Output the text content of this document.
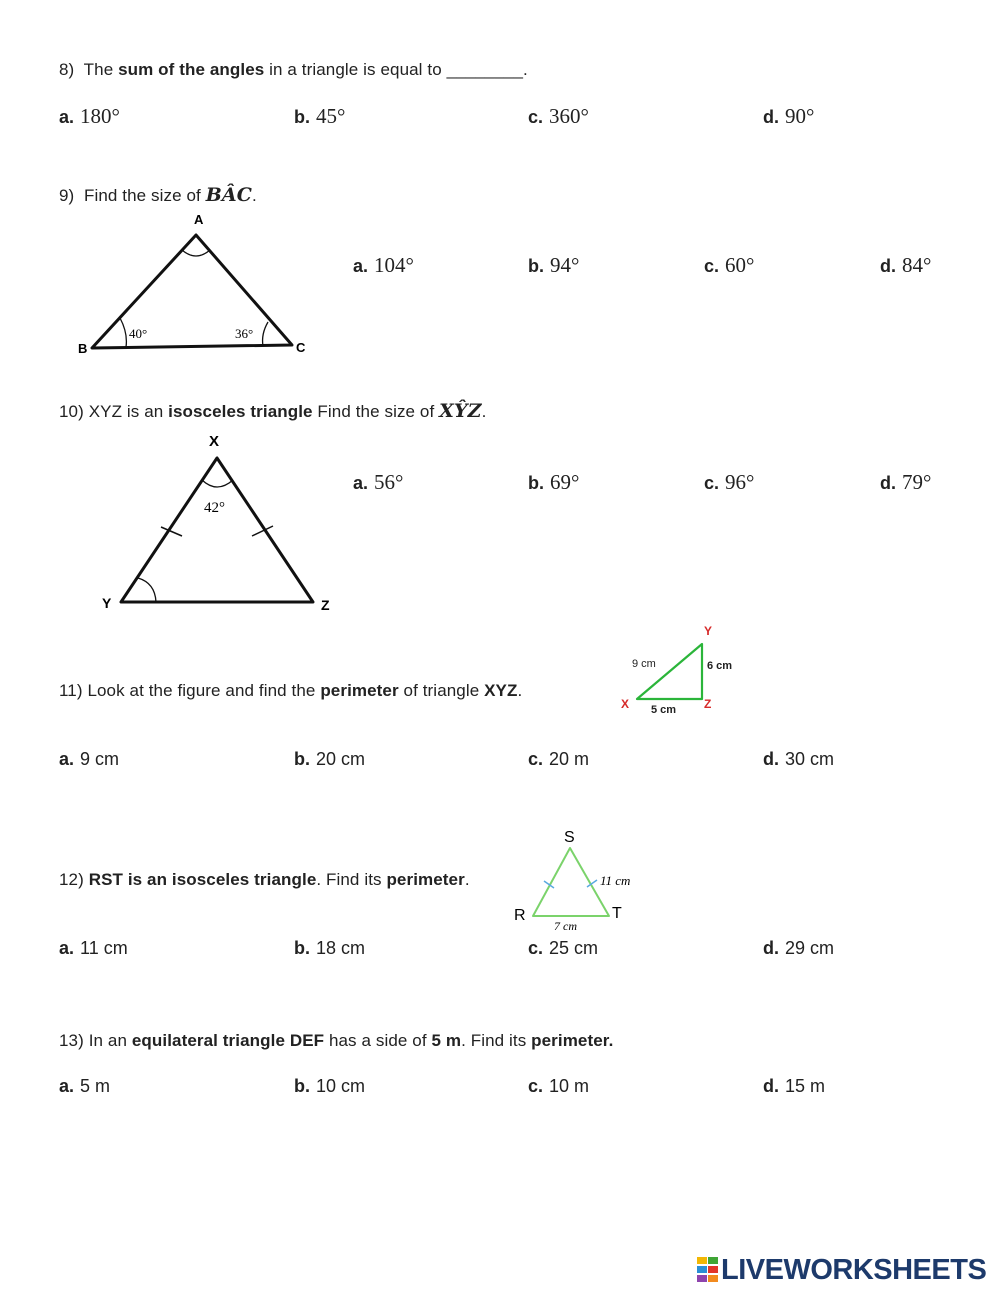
8) The sum of the angles in a triangle is equal to ________.
a. 180°	b. 45°	c. 360°	d. 90°
9) Find the size of BÂC.
A
B	C
40°	36°
a. 104°	b. 94°	c. 60°	d. 84°
10) XYZ is an isosceles triangle Find the size of XŶZ.
X
Y	Z
42°
a. 56°	b. 69°	c. 96°	d. 79°
11) Look at the figure and find the perimeter of triangle XYZ.
Y
X	Z
9 cm	6 cm
5 cm
a. 9 cm	b. 20 cm	c. 20 m	d. 30 cm
12) RST is an isosceles triangle. Find its perimeter.
S
R	T
11 cm
7 cm
a. 11 cm	b. 18 cm	c. 25 cm	d. 29 cm
13) In an equilateral triangle DEF has a side of 5 m. Find its perimeter.
a. 5 m	b. 10 cm	c. 10 m	d. 15 m
LIVEWORKSHEETS
